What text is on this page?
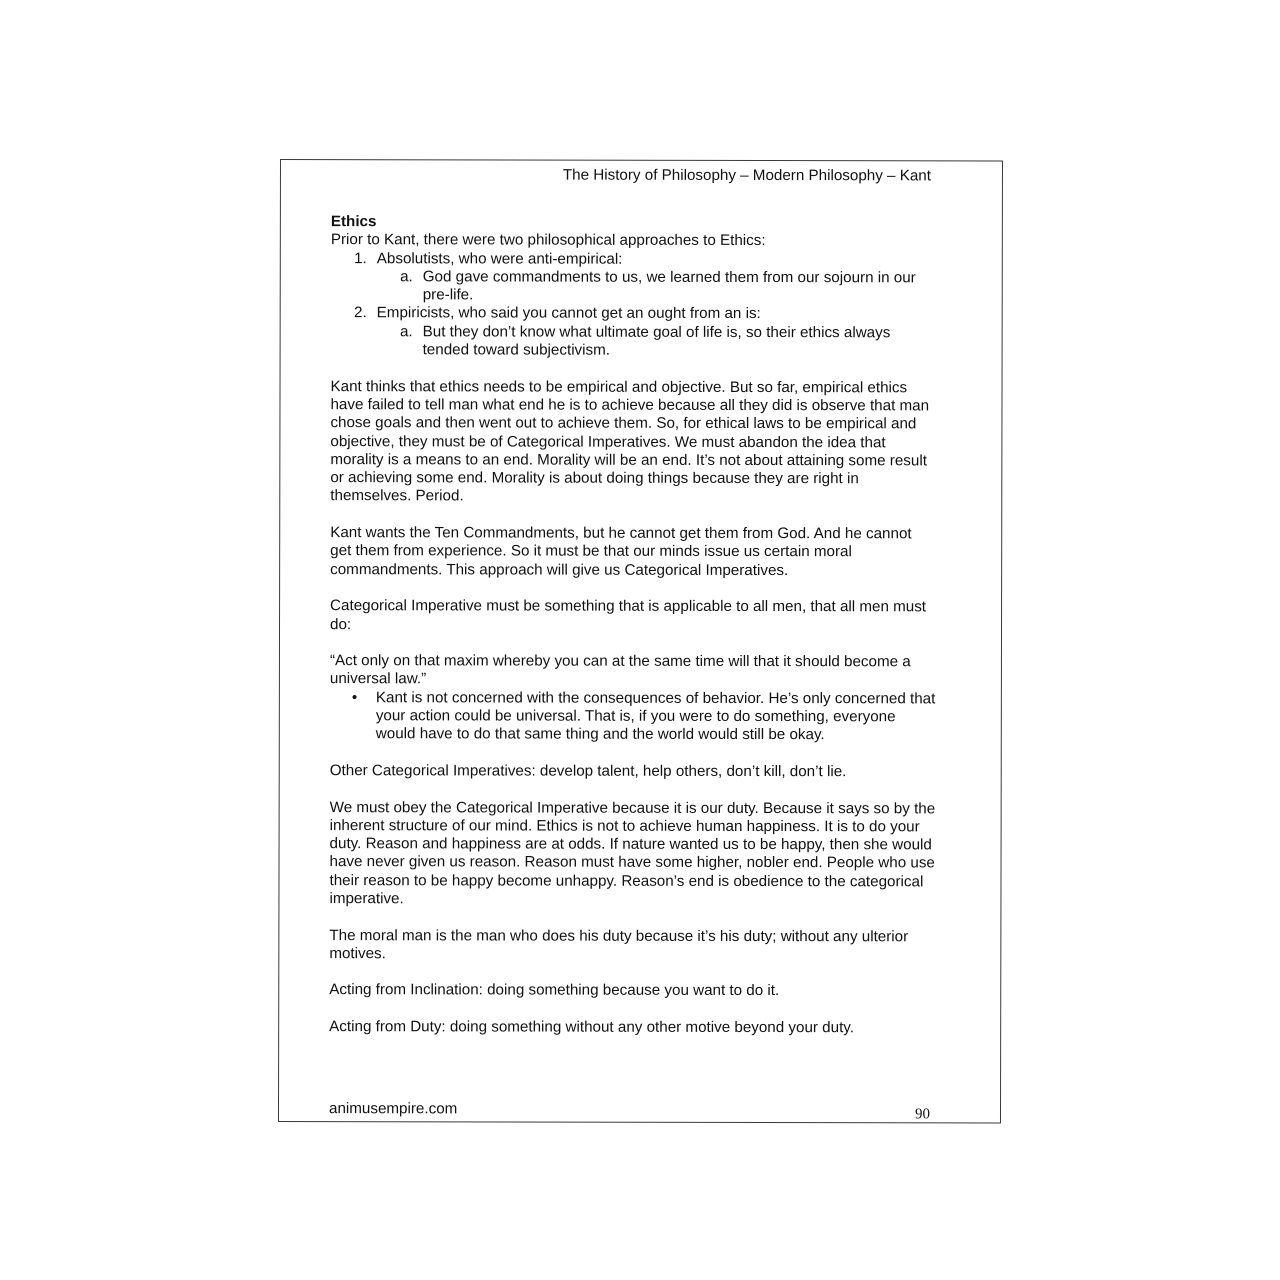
The History of Philosophy – Modern Philosophy – Kant

Ethics

Prior to Kant, there were two philosophical approaches to Ethics:

1. Absolutists, who were anti-empirical:
a. God gave commandments to us, we learned them from our sojourn in our pre-life.
2. Empiricists, who said you cannot get an ought from an is:
a. But they don’t know what ultimate goal of life is, so their ethics always tended toward subjectivism.

Kant thinks that ethics needs to be empirical and objective. But so far, empirical ethics have failed to tell man what end he is to achieve because all they did is observe that man chose goals and then went out to achieve them. So, for ethical laws to be empirical and objective, they must be of Categorical Imperatives. We must abandon the idea that morality is a means to an end. Morality will be an end. It’s not about attaining some result or achieving some end. Morality is about doing things because they are right in themselves. Period.

Kant wants the Ten Commandments, but he cannot get them from God. And he cannot get them from experience. So it must be that our minds issue us certain moral commandments. This approach will give us Categorical Imperatives.

Categorical Imperative must be something that is applicable to all men, that all men must do:

“Act only on that maxim whereby you can at the same time will that it should become a universal law.”

• Kant is not concerned with the consequences of behavior. He’s only concerned that your action could be universal. That is, if you were to do something, everyone would have to do that same thing and the world would still be okay.

Other Categorical Imperatives: develop talent, help others, don’t kill, don’t lie.

We must obey the Categorical Imperative because it is our duty. Because it says so by the inherent structure of our mind. Ethics is not to achieve human happiness. It is to do your duty. Reason and happiness are at odds. If nature wanted us to be happy, then she would have never given us reason. Reason must have some higher, nobler end. People who use their reason to be happy become unhappy. Reason’s end is obedience to the categorical imperative.

The moral man is the man who does his duty because it’s his duty; without any ulterior motives.

Acting from Inclination: doing something because you want to do it.

Acting from Duty: doing something without any other motive beyond your duty.

animusempire.com	90
